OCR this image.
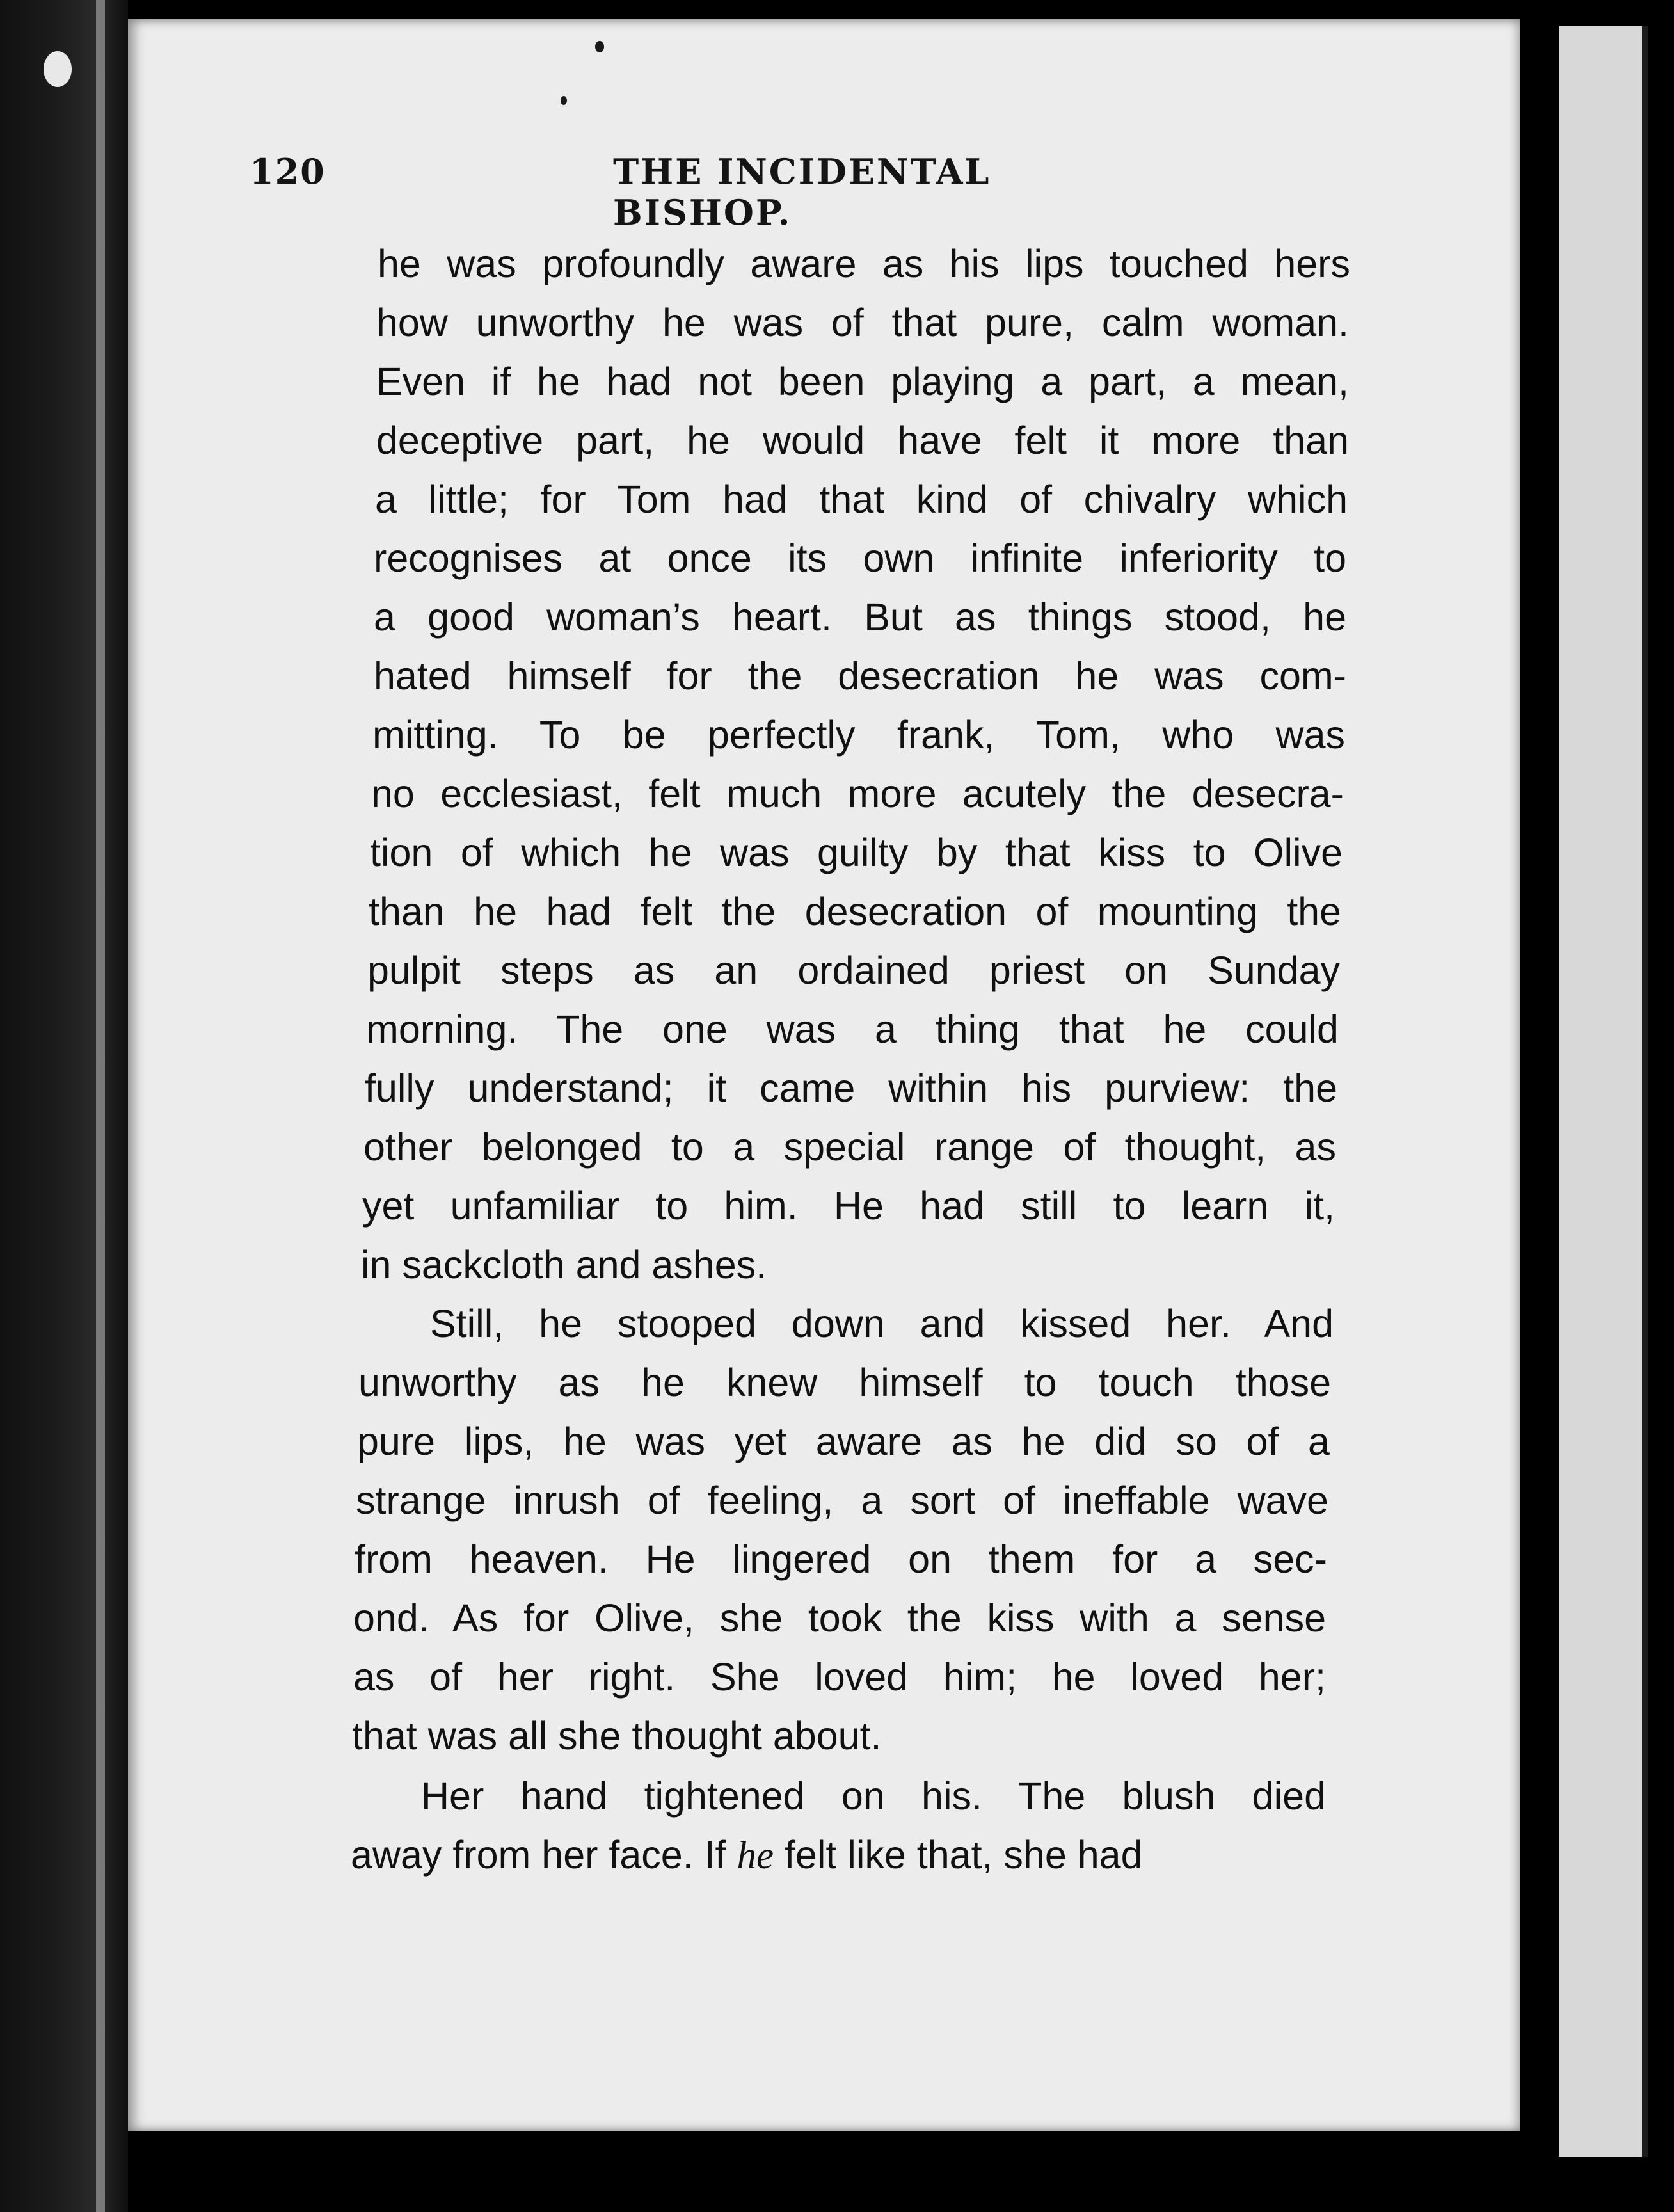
120	THE INCIDENTAL BISHOP.
he was profoundly aware as his lips touched hers
how unworthy he was of that pure, calm woman.
Even if he had not been playing a part, a mean,
deceptive part, he would have felt it more than
a little; for Tom had that kind of chivalry which
recognises at once its own infinite inferiority to
a good woman’s heart. But as things stood, he
hated himself for the desecration he was com-
mitting. To be perfectly frank, Tom, who was
no ecclesiast, felt much more acutely the desecra-
tion of which he was guilty by that kiss to Olive
than he had felt the desecration of mounting the
pulpit steps as an ordained priest on Sunday
morning. The one was a thing that he could
fully understand; it came within his purview: the
other belonged to a special range of thought, as
yet unfamiliar to him. He had still to learn it,
in sackcloth and ashes.
Still, he stooped down and kissed her. And
unworthy as he knew himself to touch those
pure lips, he was yet aware as he did so of a
strange inrush of feeling, a sort of ineffable wave
from heaven. He lingered on them for a sec-
ond. As for Olive, she took the kiss with a sense
as of her right. She loved him; he loved her;
that was all she thought about.
Her hand tightened on his. The blush died
away from her face. If he felt like that, she had
